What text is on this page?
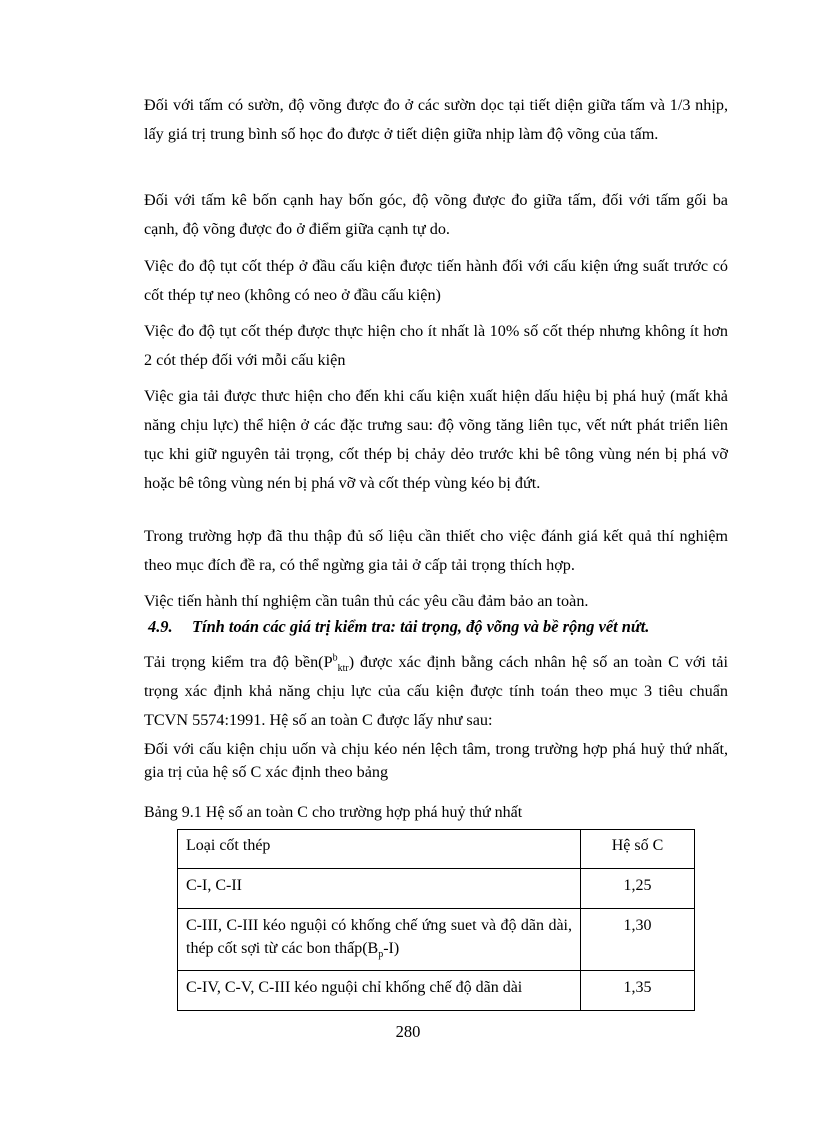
Đối với tấm có sườn, độ võng được đo ở các sườn dọc tại tiết diện giữa tấm và 1/3 nhịp, lấy giá trị trung bình số học đo được ở tiết diện giữa nhịp làm độ võng của tấm.

Đối với tấm kê bốn cạnh hay bốn góc, độ võng được đo giữa tấm, đối với tấm gối ba cạnh, độ võng được đo ở điểm giữa cạnh tự do.

Việc đo độ tụt cốt thép ở đầu cấu kiện được tiến hành đối với cấu kiện ứng suất trước có cốt thép tự neo (không có neo ở đầu cấu kiện)

Việc đo độ tụt cốt thép được thực hiện cho ít nhất là 10% số cốt thép nhưng không ít hơn 2 cót thép đối với mỗi cấu kiện

Việc gia tải được thưc hiện cho đến khi cấu kiện xuất hiện dấu hiệu bị phá huỷ (mất khả năng chịu lực) thể hiện ở các đặc trưng sau: độ võng tăng liên tục, vết nứt phát triển liên tục khi giữ nguyên tải trọng, cốt thép bị chảy dẻo trước khi bê tông vùng nén bị phá vỡ hoặc bê tông vùng nén bị phá vỡ và cốt thép vùng kéo bị đứt.

Trong trường hợp đã thu thập đủ số liệu cần thiết cho việc đánh giá kết quả thí nghiệm theo mục đích đề ra, có thể ngừng gia tải ở cấp tải trọng thích hợp.

Việc tiến hành thí nghiệm cần tuân thủ các yêu cầu đảm bảo an toàn.

4.9. Tính toán các giá trị kiểm tra: tải trọng, độ võng và bề rộng vết nứt.

Tải trọng kiểm tra độ $bền(P^b_{ktr})$ được xác định bằng cách nhân hệ số an toàn C với tải trọng xác định khả năng chịu lực của cấu kiện được tính toán theo mục 3 tiêu chuẩn TCVN 5574:1991. Hệ số an toàn C được lấy như sau:

Đối với cấu kiện chịu uốn và chịu kéo nén lệch tâm, trong trường hợp phá huỷ thứ nhất, gia trị của hệ số C xác định theo bảng

Bảng 9.1 Hệ số an toàn C cho trường hợp phá huỷ thứ nhất

Loại cốt thép	Hệ số C
C-I, C-II	1,25
C-III, C-III kéo nguội có khống chế ứng suet và độ dãn dài, thép cốt sợi từ các bon $thấp(B_p-I)$	1,30
C-IV, C-V, C-III kéo nguội chỉ khống chế độ dãn dài	1,35
280
